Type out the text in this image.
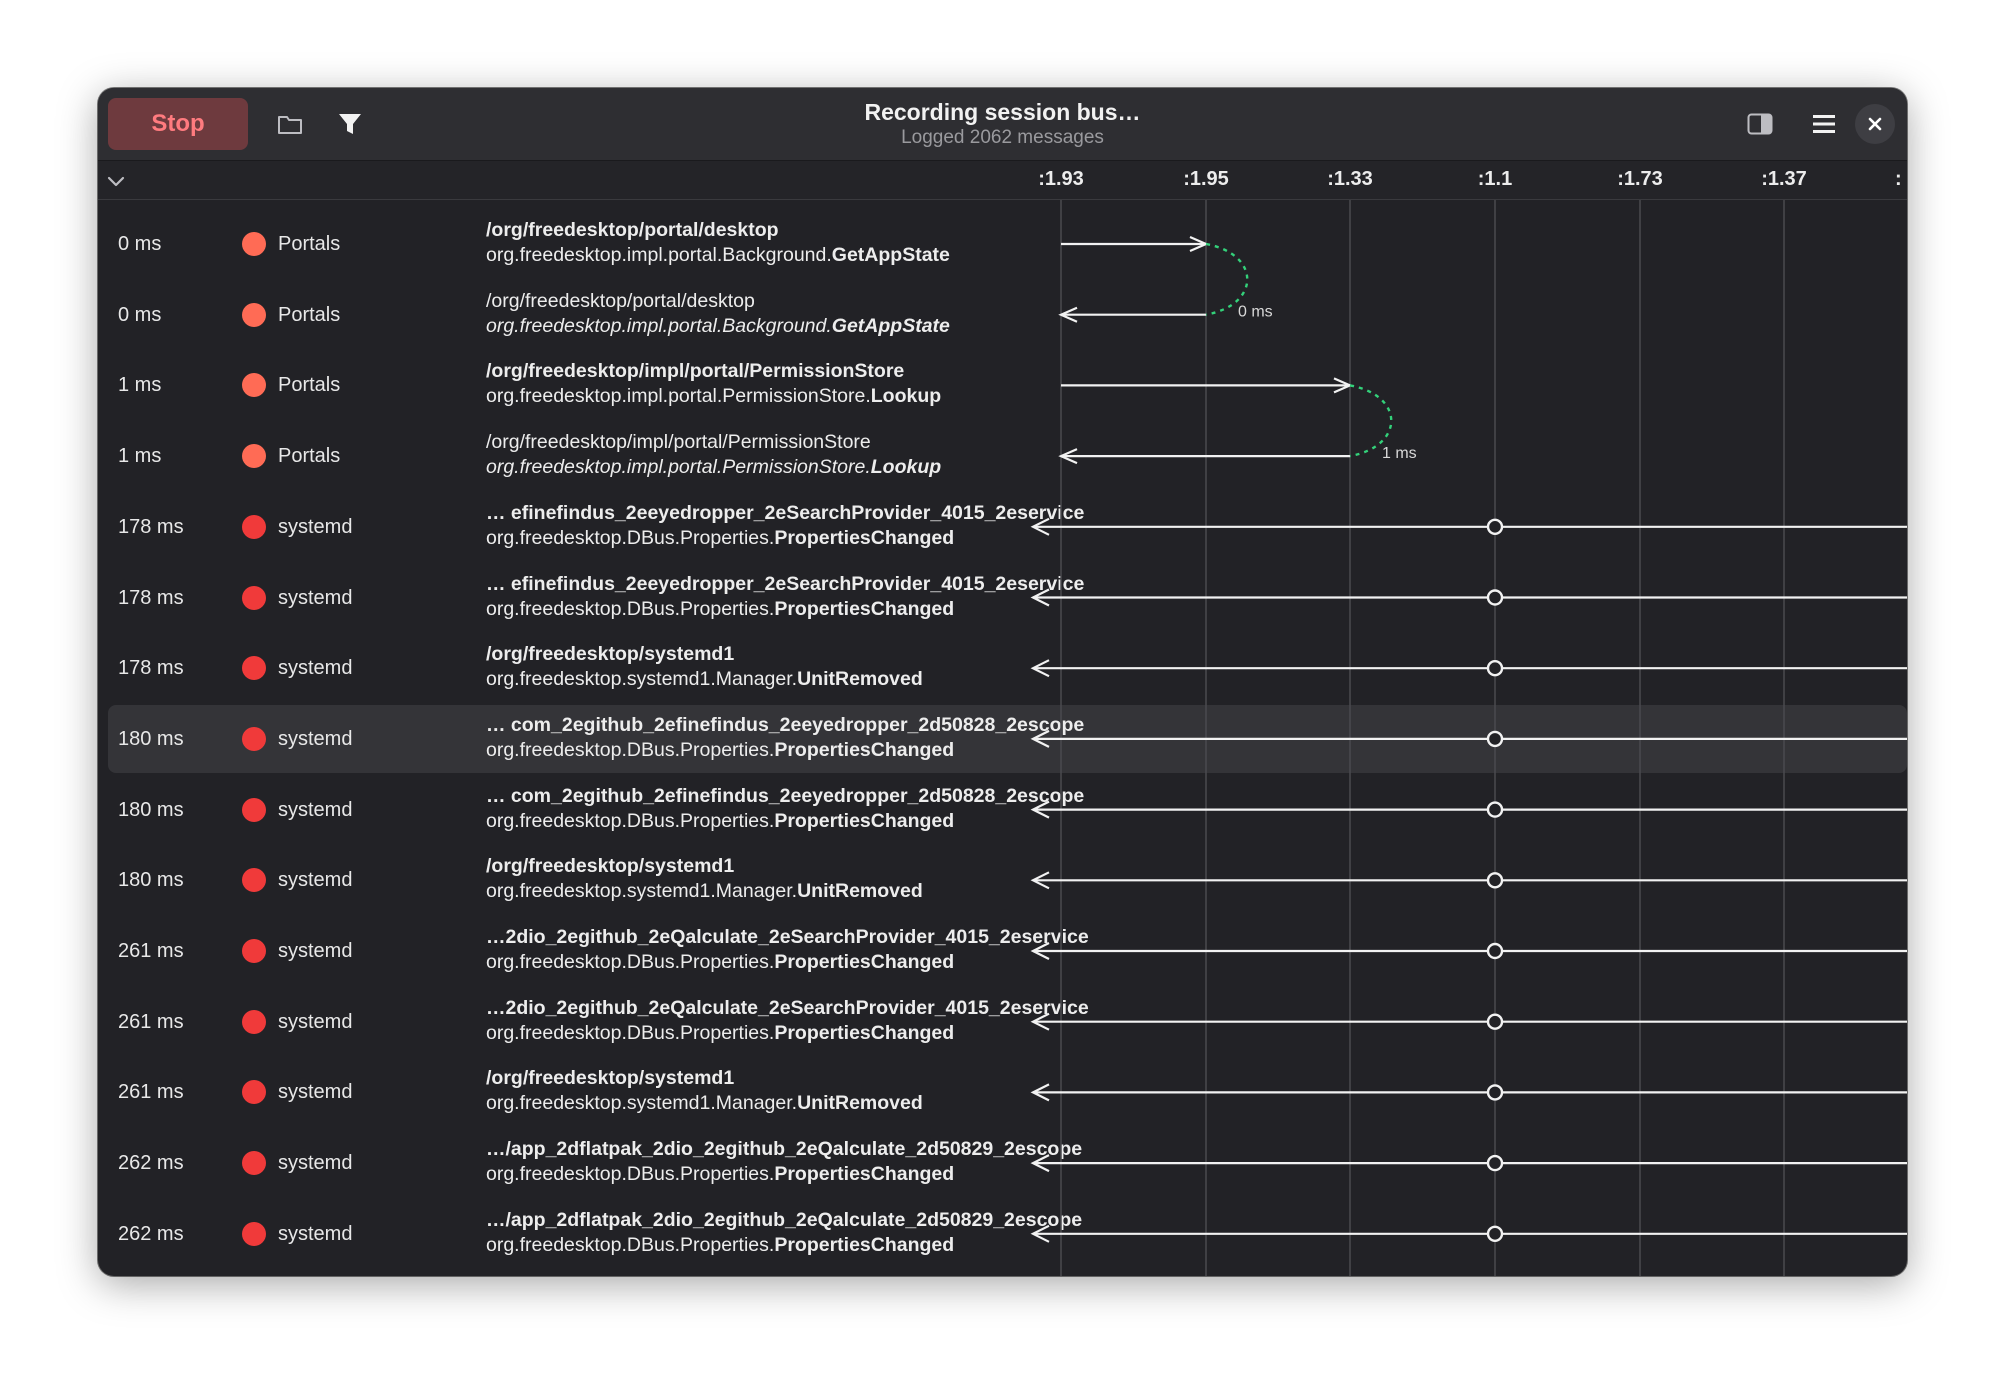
Stop	Recording session bus…
Logged 2062 messages
:1.93	:1.95	:1.33	:1.1	:1.73	:1.37	:
0 ms	Portals
/org/freedesktop/portal/desktop
org.freedesktop.impl.portal.Background.GetAppState
0 ms	Portals
/org/freedesktop/portal/desktop
org.freedesktop.impl.portal.Background.GetAppState
1 ms	Portals
/org/freedesktop/impl/portal/PermissionStore
org.freedesktop.impl.portal.PermissionStore.Lookup
1 ms	Portals
/org/freedesktop/impl/portal/PermissionStore
org.freedesktop.impl.portal.PermissionStore.Lookup
178 ms	systemd
… efinefindus_2eeyedropper_2eSearchProvider_4015_2eservice
org.freedesktop.DBus.Properties.PropertiesChanged
178 ms	systemd
… efinefindus_2eeyedropper_2eSearchProvider_4015_2eservice
org.freedesktop.DBus.Properties.PropertiesChanged
178 ms	systemd
/org/freedesktop/systemd1
org.freedesktop.systemd1.Manager.UnitRemoved
180 ms	systemd
… com_2egithub_2efinefindus_2eeyedropper_2d50828_2escope
org.freedesktop.DBus.Properties.PropertiesChanged
180 ms	systemd
… com_2egithub_2efinefindus_2eeyedropper_2d50828_2escope
org.freedesktop.DBus.Properties.PropertiesChanged
180 ms	systemd
/org/freedesktop/systemd1
org.freedesktop.systemd1.Manager.UnitRemoved
261 ms	systemd
…2dio_2egithub_2eQalculate_2eSearchProvider_4015_2eservice
org.freedesktop.DBus.Properties.PropertiesChanged
261 ms	systemd
…2dio_2egithub_2eQalculate_2eSearchProvider_4015_2eservice
org.freedesktop.DBus.Properties.PropertiesChanged
261 ms	systemd
/org/freedesktop/systemd1
org.freedesktop.systemd1.Manager.UnitRemoved
262 ms	systemd
…/app_2dflatpak_2dio_2egithub_2eQalculate_2d50829_2escope
org.freedesktop.DBus.Properties.PropertiesChanged
262 ms	systemd
…/app_2dflatpak_2dio_2egithub_2eQalculate_2d50829_2escope
org.freedesktop.DBus.Properties.PropertiesChanged
0 ms
1 ms
